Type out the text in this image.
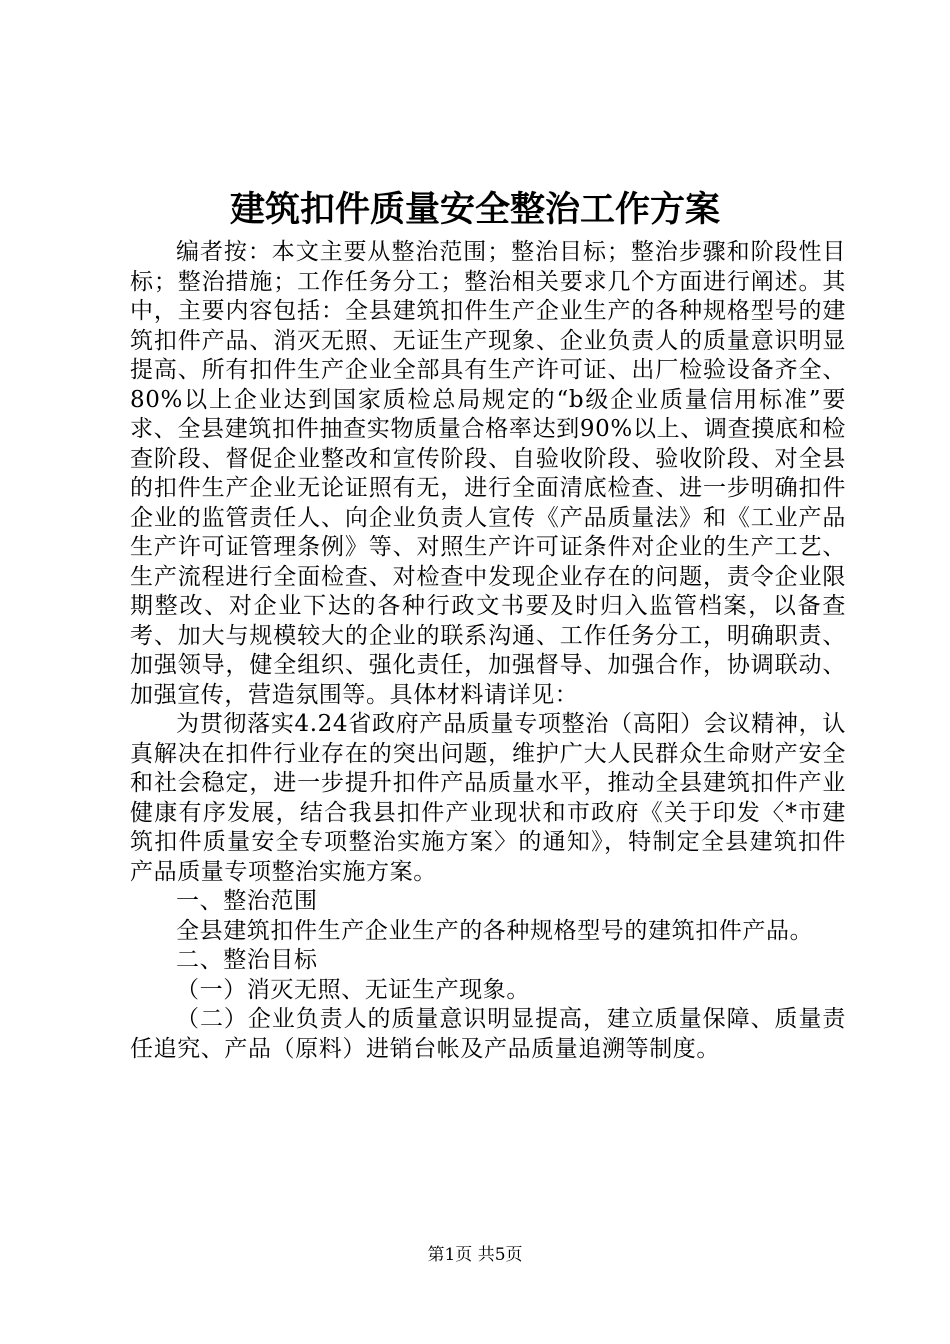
建筑扣件质量安全整治工作方案

编者按：本文主要从整治范围；整治目标；整治步骤和阶段性目标；整治措施；工作任务分工；整治相关要求几个方面进行阐述。其中，主要内容包括：全县建筑扣件生产企业生产的各种规格型号的建筑扣件产品、消灭无照、无证生产现象、企业负责人的质量意识明显提高、所有扣件生产企业全部具有生产许可证、出厂检验设备齐全、80%以上企业达到国家质检总局规定的“b级企业质量信用标准”要求、全县建筑扣件抽查实物质量合格率达到90%以上、调查摸底和检查阶段、督促企业整改和宣传阶段、自验收阶段、验收阶段、对全县的扣件生产企业无论证照有无，进行全面清底检查、进一步明确扣件企业的监管责任人、向企业负责人宣传《产品质量法》和《工业产品生产许可证管理条例》等、对照生产许可证条件对企业的生产工艺、生产流程进行全面检查、对检查中发现企业存在的问题，责令企业限期整改、对企业下达的各种行政文书要及时归入监管档案，以备查考、加大与规模较大的企业的联系沟通、工作任务分工，明确职责、加强领导，健全组织、强化责任，加强督导、加强合作，协调联动、加强宣传，营造氛围等。具体材料请详见：

为贯彻落实4.24省政府产品质量专项整治（高阳）会议精神，认真解决在扣件行业存在的突出问题，维护广大人民群众生命财产安全和社会稳定，进一步提升扣件产品质量水平，推动全县建筑扣件产业健康有序发展，结合我县扣件产业现状和市政府《关于印发〈*市建筑扣件质量安全专项整治实施方案〉的通知》，特制定全县建筑扣件产品质量专项整治实施方案。

一、整治范围

全县建筑扣件生产企业生产的各种规格型号的建筑扣件产品。

二、整治目标

（一）消灭无照、无证生产现象。

（二）企业负责人的质量意识明显提高，建立质量保障、质量责任追究、产品（原料）进销台帐及产品质量追溯等制度。

第1页 共5页
